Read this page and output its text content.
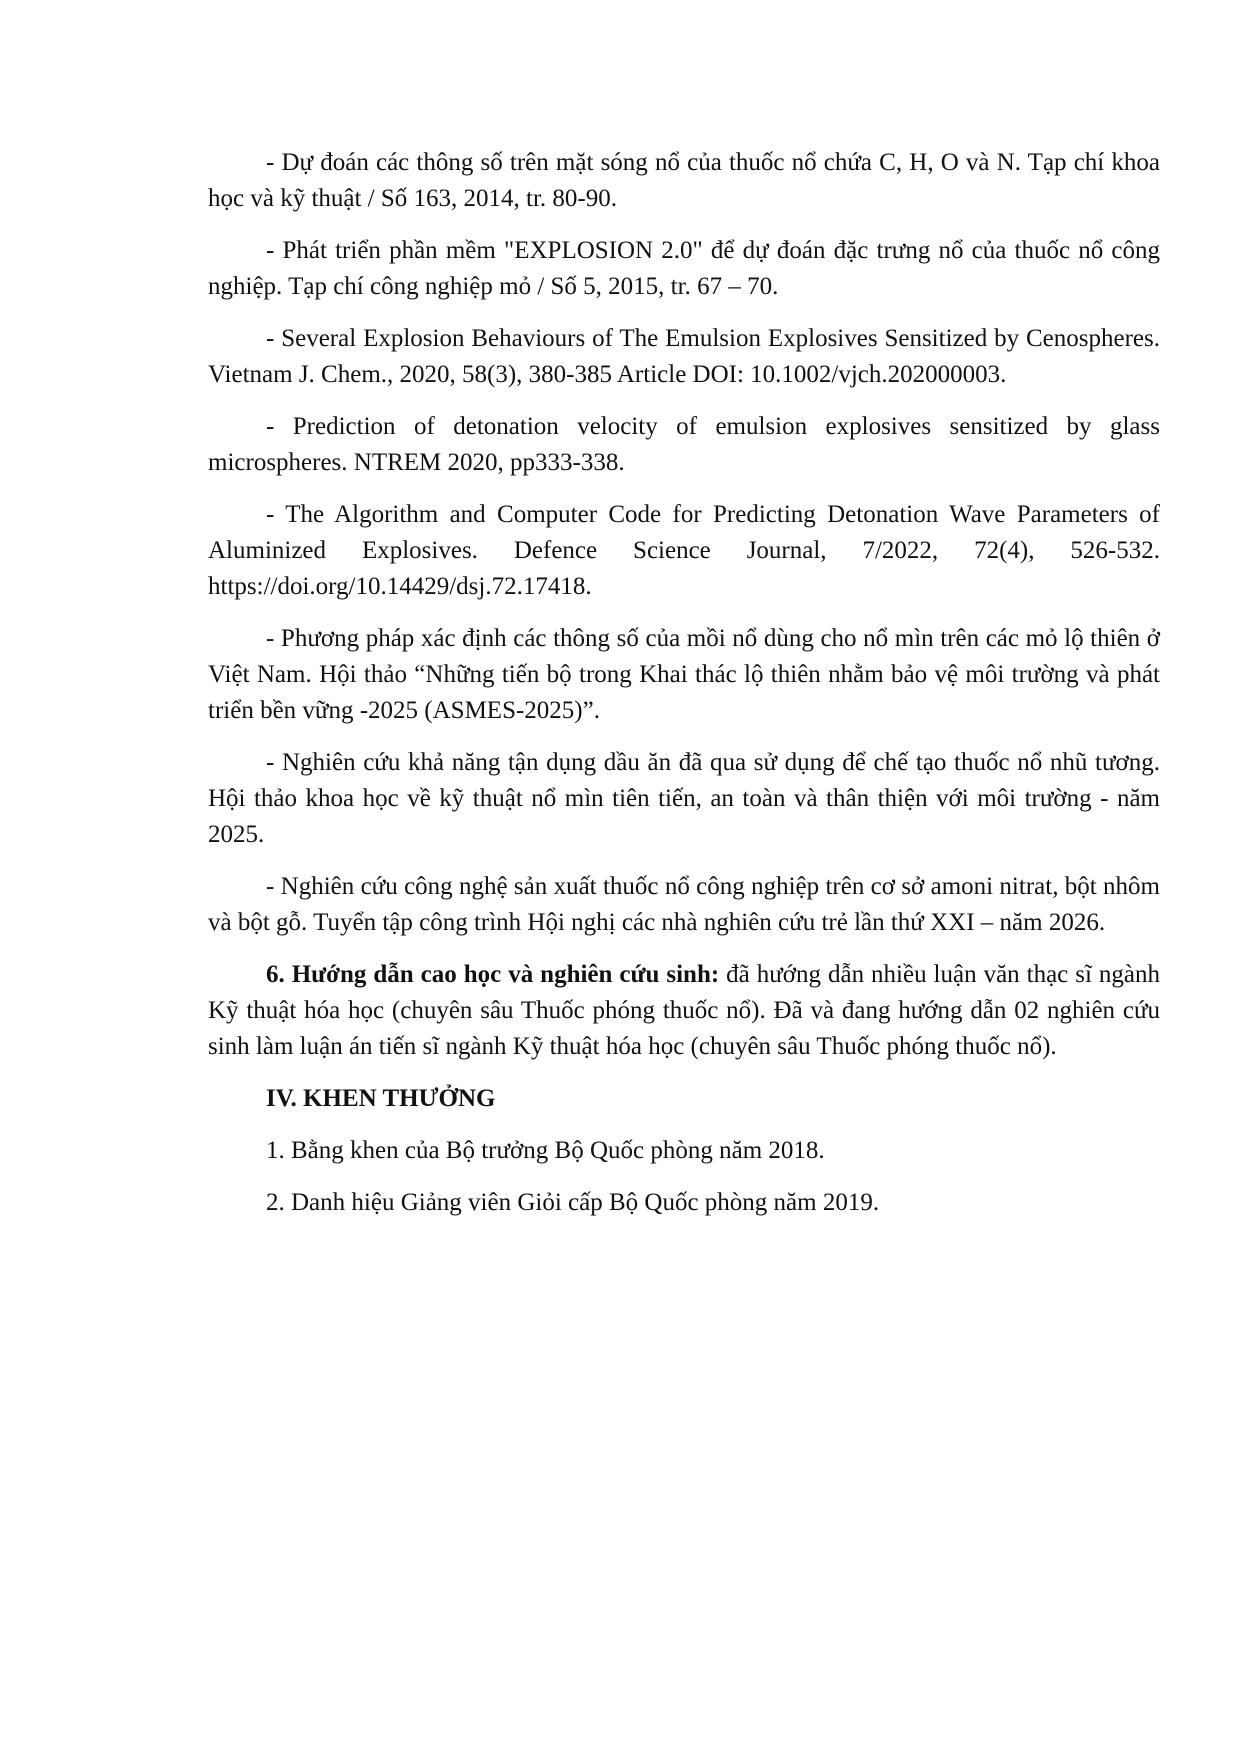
- Dự đoán các thông số trên mặt sóng nổ của thuốc nổ chứa C, H, O và N. Tạp chí khoa học và kỹ thuật / Số 163, 2014, tr. 80-90.

- Phát triển phần mềm "EXPLOSION 2.0" để dự đoán đặc trưng nổ của thuốc nổ công nghiệp. Tạp chí công nghiệp mỏ / Số 5, 2015, tr. 67 – 70.

- Several Explosion Behaviours of The Emulsion Explosives Sensitized by Cenospheres. Vietnam J. Chem., 2020, 58(3), 380-385 Article DOI: 10.1002/vjch.202000003.

- Prediction of detonation velocity of emulsion explosives sensitized by glass microspheres. NTREM 2020, pp333-338.

- The Algorithm and Computer Code for Predicting Detonation Wave Parameters of Aluminized Explosives. Defence Science Journal, 7/2022, 72(4), 526-532. https://doi.org/10.14429/dsj.72.17418.

- Phương pháp xác định các thông số của mồi nổ dùng cho nổ mìn trên các mỏ lộ thiên ở Việt Nam. Hội thảo “Những tiến bộ trong Khai thác lộ thiên nhằm bảo vệ môi trường và phát triển bền vững -2025 (ASMES-2025)”.

- Nghiên cứu khả năng tận dụng dầu ăn đã qua sử dụng để chế tạo thuốc nổ nhũ tương. Hội thảo khoa học về kỹ thuật nổ mìn tiên tiến, an toàn và thân thiện với môi trường - năm 2025.

- Nghiên cứu công nghệ sản xuất thuốc nổ công nghiệp trên cơ sở amoni nitrat, bột nhôm và bột gỗ. Tuyển tập công trình Hội nghị các nhà nghiên cứu trẻ lần thứ XXI – năm 2026.

6. Hướng dẫn cao học và nghiên cứu sinh: đã hướng dẫn nhiều luận văn thạc sĩ ngành Kỹ thuật hóa học (chuyên sâu Thuốc phóng thuốc nổ). Đã và đang hướng dẫn 02 nghiên cứu sinh làm luận án tiến sĩ ngành Kỹ thuật hóa học (chuyên sâu Thuốc phóng thuốc nổ).

IV. KHEN THƯỞNG

1. Bằng khen của Bộ trưởng Bộ Quốc phòng năm 2018.

2. Danh hiệu Giảng viên Giỏi cấp Bộ Quốc phòng năm 2019.
